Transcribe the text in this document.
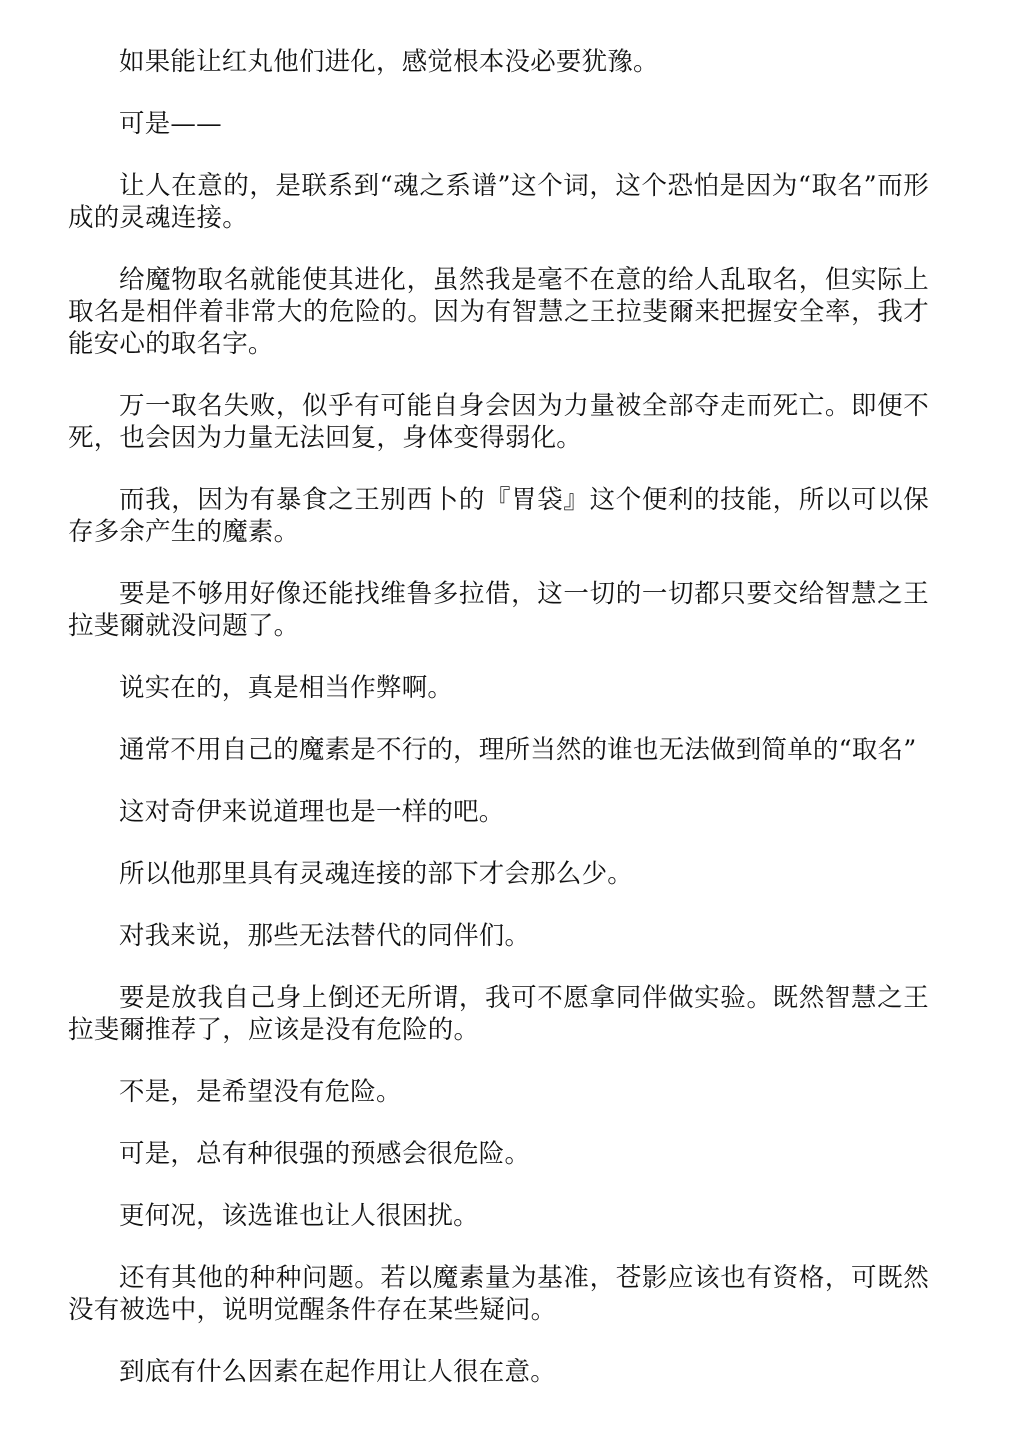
如果能让红丸他们进化，感觉根本没必要犹豫。

可是——

让人在意的，是联系到“魂之系谱”这个词，这个恐怕是因为“取名”而形成的灵魂连接。

给魔物取名就能使其进化，虽然我是毫不在意的给人乱取名，但实际上取名是相伴着非常大的危险的。因为有智慧之王拉斐爾来把握安全率，我才能安心的取名字。

万一取名失败，似乎有可能自身会因为力量被全部夺走而死亡。即便不死，也会因为力量无法回复，身体变得弱化。

而我，因为有暴食之王别西卜的『胃袋』这个便利的技能，所以可以保存多余产生的魔素。

要是不够用好像还能找维鲁多拉借，这一切的一切都只要交给智慧之王拉斐爾就没问题了。

说实在的，真是相当作弊啊。

通常不用自己的魔素是不行的，理所当然的谁也无法做到简单的“取名”

这对奇伊来说道理也是一样的吧。

所以他那里具有灵魂连接的部下才会那么少。

对我来说，那些无法替代的同伴们。

要是放我自己身上倒还无所谓，我可不愿拿同伴做实验。既然智慧之王拉斐爾推荐了，应该是没有危险的。

不是，是希望没有危险。

可是，总有种很强的预感会很危险。

更何况，该选谁也让人很困扰。

还有其他的种种问题。若以魔素量为基准，苍影应该也有资格，可既然没有被选中，说明觉醒条件存在某些疑问。

到底有什么因素在起作用让人很在意。
